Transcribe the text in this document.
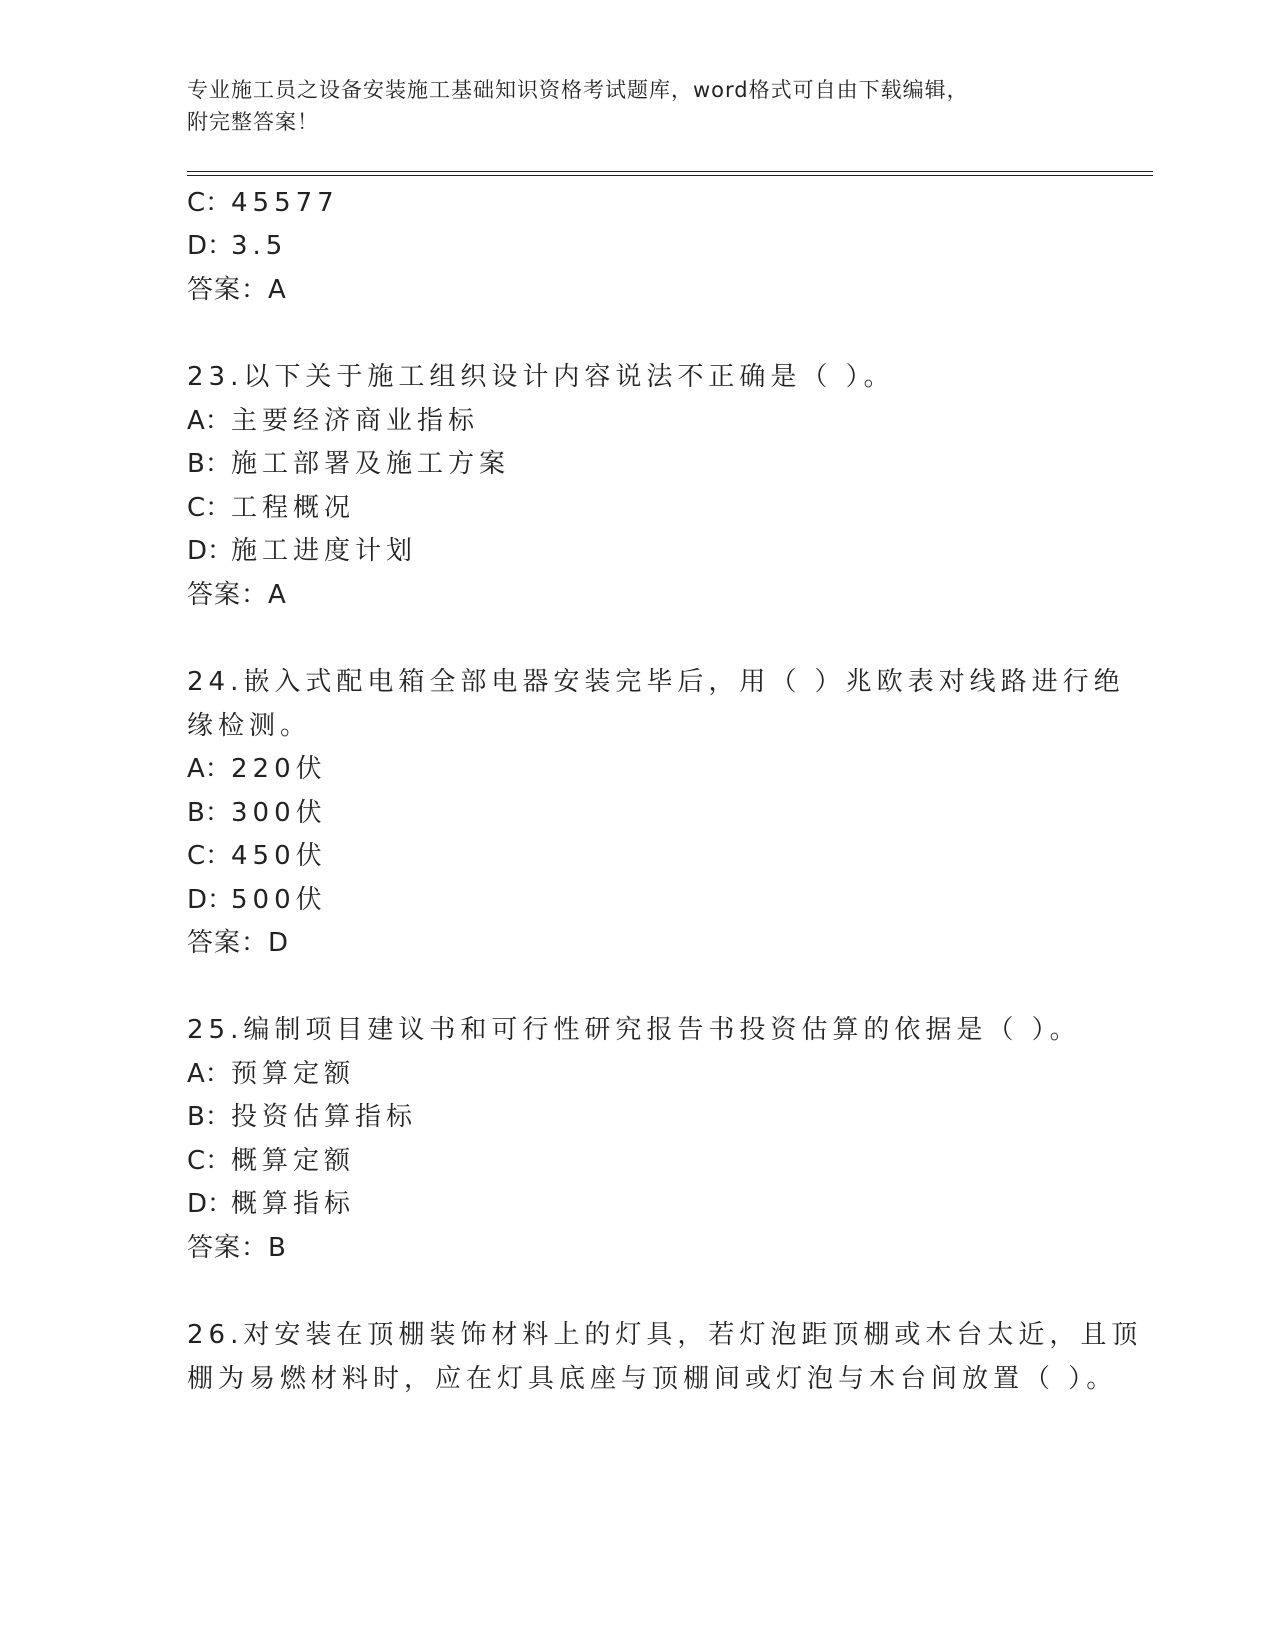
专业施工员之设备安装施工基础知识资格考试题库，word格式可自由下载编辑，
附完整答案！
C：45577
D：3.5
答案：A
23.以下关于施工组织设计内容说法不正确是（ ）。
A：主要经济商业指标
B：施工部署及施工方案
C：工程概况
D：施工进度计划
答案：A
24.嵌入式配电箱全部电器安装完毕后，用（ ）兆欧表对线路进行绝
缘检测。
A：220伏
B：300伏
C：450伏
D：500伏
答案：D
25.编制项目建议书和可行性研究报告书投资估算的依据是（ ）。
A：预算定额
B：投资估算指标
C：概算定额
D：概算指标
答案：B
26.对安装在顶棚装饰材料上的灯具，若灯泡距顶棚或木台太近，且顶
棚为易燃材料时，应在灯具底座与顶棚间或灯泡与木台间放置（ ）。
